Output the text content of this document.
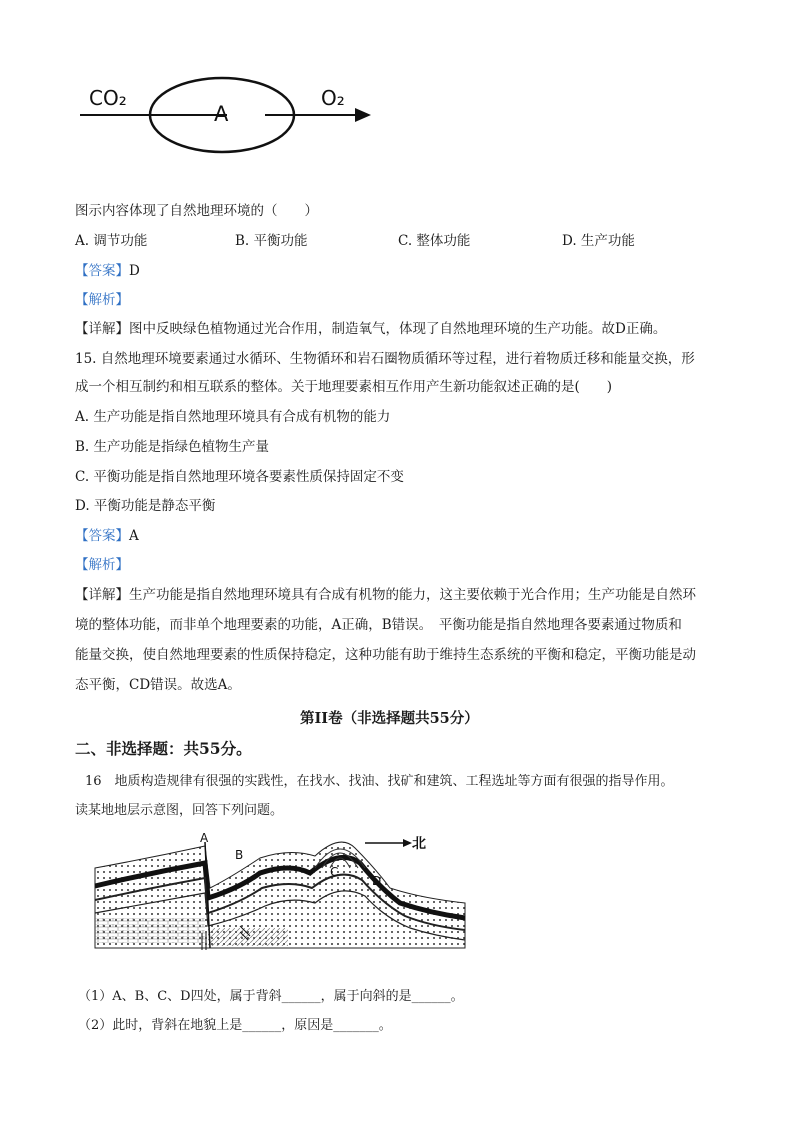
CO₂
A
O₂
图示内容体现了自然地理环境的（　　）
A. 调节功能	B. 平衡功能	C. 整体功能	D. 生产功能
【答案】D
【解析】
【详解】图中反映绿色植物通过光合作用，制造氧气，体现了自然地理环境的生产功能。故D正确。
15. 自然地理环境要素通过水循环、生物循环和岩石圈物质循环等过程，进行着物质迁移和能量交换，形
成一个相互制约和相互联系的整体。关于地理要素相互作用产生新功能叙述正确的是(　　)
A. 生产功能是指自然地理环境具有合成有机物的能力
B. 生产功能是指绿色植物生产量
C. 平衡功能是指自然地理环境各要素性质保持固定不变
D. 平衡功能是静态平衡
【答案】A
【解析】
【详解】生产功能是指自然地理环境具有合成有机物的能力，这主要依赖于光合作用；生产功能是自然环
境的整体功能，而非单个地理要素的功能，A正确，B错误。　平衡功能是指自然地理各要素通过物质和
能量交换，使自然地理要素的性质保持稳定，这种功能有助于维持生态系统的平衡和稳定，平衡功能是动
态平衡，CD错误。故选A。
第II卷（非选择题共55分）
二、非选择题：共55分。
16　地质构造规律有很强的实践性，在找水、找油、找矿和建筑、工程选址等方面有很强的指导作用。
读某地地层示意图，回答下列问题。
北
A
B
C
D
（1）A、B、C、D四处，属于背斜______，属于向斜的是______。
（2）此时，背斜在地貌上是______，原因是_______。
